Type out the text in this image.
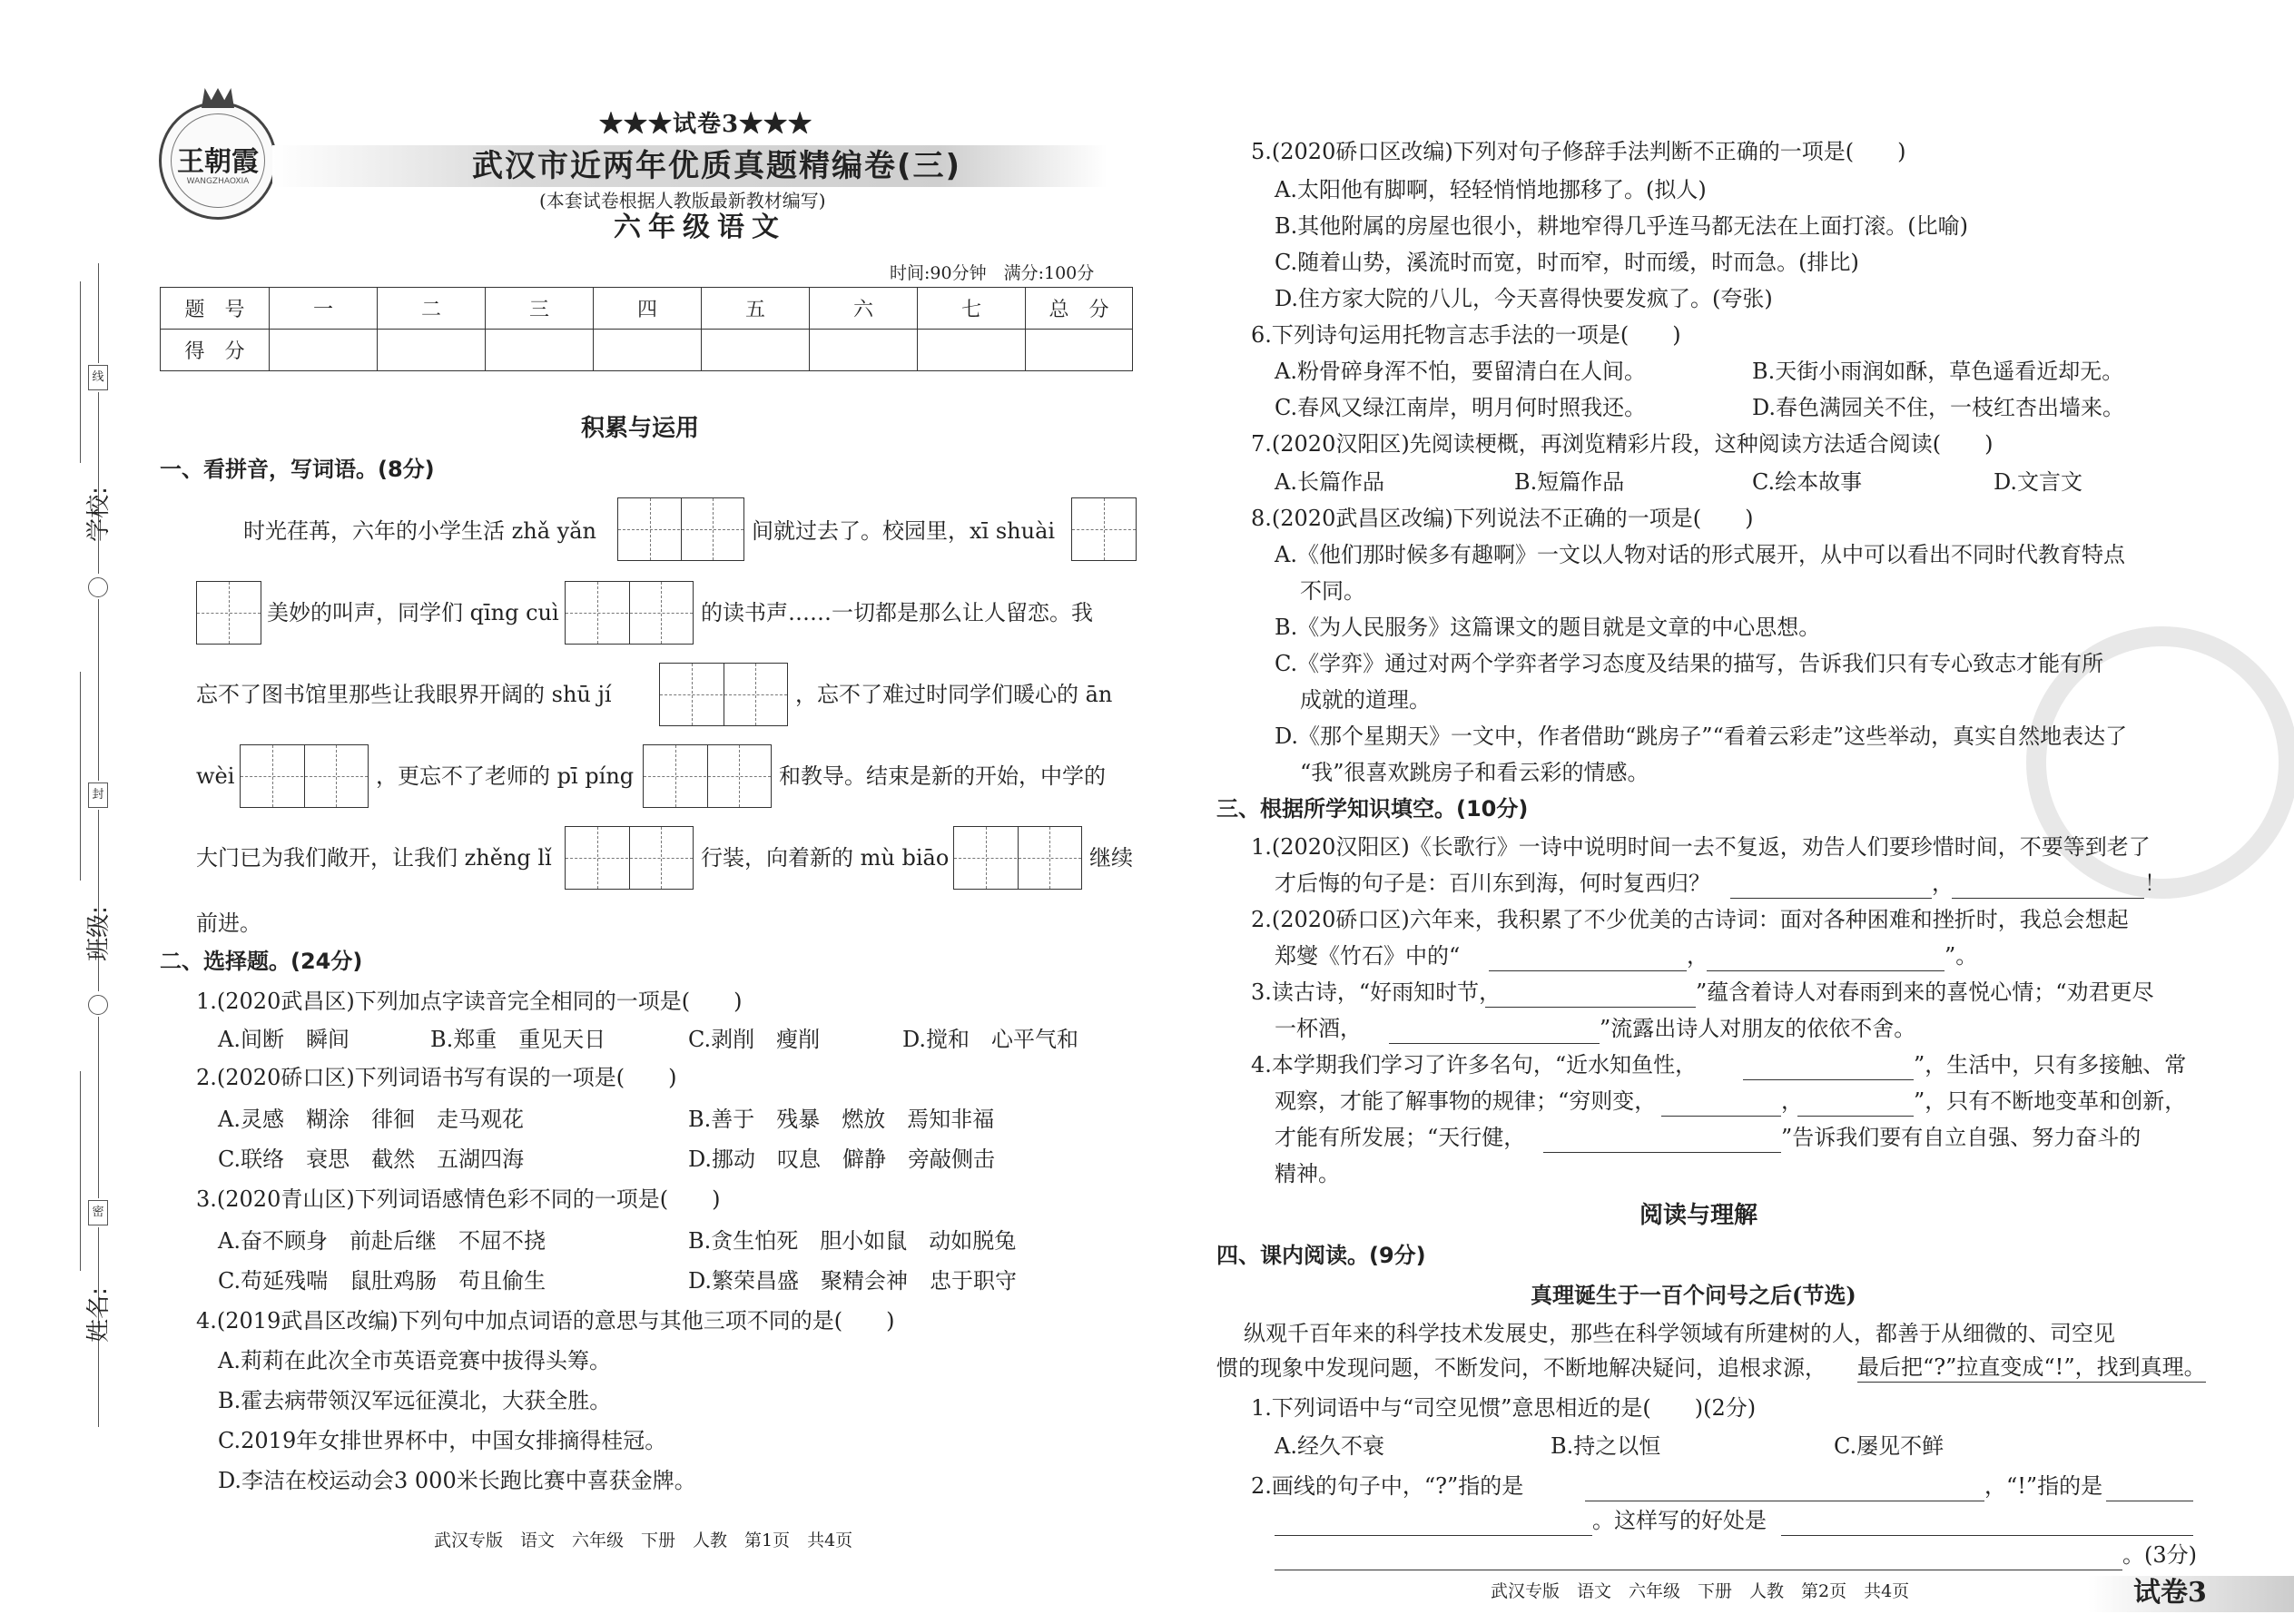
线
封
密
学校:
班级:
姓名:
王朝霞
WANGZHAOXIA
★★★试卷3★★★
武汉市近两年优质真题精编卷(三)
(本套试卷根据人教版最新教材编写)
六年级语文
时间:90分钟　满分:100分
题　号	一	二	三	四	五	六	七	总　分
得　分								
积累与运用
一、看拼音，写词语。(8分)
时光荏苒，六年的小学生活 zhǎ yǎn	间就过去了。校园里，xī shuài
美妙的叫声，同学们 qīng cuì	的读书声……一切都是那么让人留恋。我
忘不了图书馆里那些让我眼界开阔的 shū jí	，忘不了难过时同学们暖心的 ān
wèi	，更忘不了老师的 pī píng	和教导。结束是新的开始，中学的
大门已为我们敞开，让我们 zhěng lǐ	行装，向着新的 mù biāo	继续
前进。
二、选择题。(24分)
1.(2020武昌区)下列加点字读音完全相同的一项是(　　)
A.间断　瞬间	B.郑重　重见天日	C.剥削　瘦削	D.搅和　心平气和
2.(2020硚口区)下列词语书写有误的一项是(　　)
A.灵感　糊涂　徘徊　走马观花	B.善于　残暴　燃放　焉知非福
C.联络　衰思　截然　五湖四海	D.挪动　叹息　僻静　旁敲侧击
3.(2020青山区)下列词语感情色彩不同的一项是(　　)
A.奋不顾身　前赴后继　不屈不挠	B.贪生怕死　胆小如鼠　动如脱兔
C.苟延残喘　鼠肚鸡肠　苟且偷生	D.繁荣昌盛　聚精会神　忠于职守
4.(2019武昌区改编)下列句中加点词语的意思与其他三项不同的是(　　)
A.莉莉在此次全市英语竞赛中拔得头筹。
B.霍去病带领汉军远征漠北，大获全胜。
C.2019年女排世界杯中，中国女排摘得桂冠。
D.李洁在校运动会3 000米长跑比赛中喜获金牌。
武汉专版　语文　六年级　下册　人教　第1页　共4页
5.(2020硚口区改编)下列对句子修辞手法判断不正确的一项是(　　)
A.太阳他有脚啊，轻轻悄悄地挪移了。(拟人)
B.其他附属的房屋也很小，耕地窄得几乎连马都无法在上面打滚。(比喻)
C.随着山势，溪流时而宽，时而窄，时而缓，时而急。(排比)
D.住方家大院的八儿，今天喜得快要发疯了。(夸张)
6.下列诗句运用托物言志手法的一项是(　　)
A.粉骨碎身浑不怕，要留清白在人间。	B.天街小雨润如酥，草色遥看近却无。
C.春风又绿江南岸，明月何时照我还。	D.春色满园关不住，一枝红杏出墙来。
7.(2020汉阳区)先阅读梗概，再浏览精彩片段，这种阅读方法适合阅读(　　)
A.长篇作品	B.短篇作品	C.绘本故事	D.文言文
8.(2020武昌区改编)下列说法不正确的一项是(　　)
A.《他们那时候多有趣啊》一文以人物对话的形式展开，从中可以看出不同时代教育特点
不同。
B.《为人民服务》这篇课文的题目就是文章的中心思想。
C.《学弈》通过对两个学弈者学习态度及结果的描写，告诉我们只有专心致志才能有所
成就的道理。
D.《那个星期天》一文中，作者借助“跳房子”“看着云彩走”这些举动，真实自然地表达了
“我”很喜欢跳房子和看云彩的情感。
三、根据所学知识填空。(10分)
1.(2020汉阳区)《长歌行》一诗中说明时间一去不复返，劝告人们要珍惜时间，不要等到老了
才后悔的句子是：百川东到海，何时复西归？	，	！
2.(2020硚口区)六年来，我积累了不少优美的古诗词：面对各种困难和挫折时，我总会想起
郑燮《竹石》中的“	，	”。
3.读古诗，“好雨知时节，	”蕴含着诗人对春雨到来的喜悦心情；“劝君更尽
一杯酒，	”流露出诗人对朋友的依依不舍。
4.本学期我们学习了许多名句，“近水知鱼性，	”，生活中，只有多接触、常
观察，才能了解事物的规律；“穷则变，	，	”，只有不断地变革和创新，
才能有所发展；“天行健，	”告诉我们要有自立自强、努力奋斗的
精神。
阅读与理解
四、课内阅读。(9分)
真理诞生于一百个问号之后(节选)
纵观千百年来的科学技术发展史，那些在科学领域有所建树的人，都善于从细微的、司空见
惯的现象中发现问题，不断发问，不断地解决疑问，追根求源， 最后把“?”拉直变成“!”，找到真理。
1.下列词语中与“司空见惯”意思相近的是(　　)(2分)
A.经久不衰	B.持之以恒	C.屡见不鲜
2.画线的句子中，“?”指的是	，“!”指的是
。这样写的好处是
。(3分)
武汉专版　语文　六年级　下册　人教　第2页　共4页	试卷3
